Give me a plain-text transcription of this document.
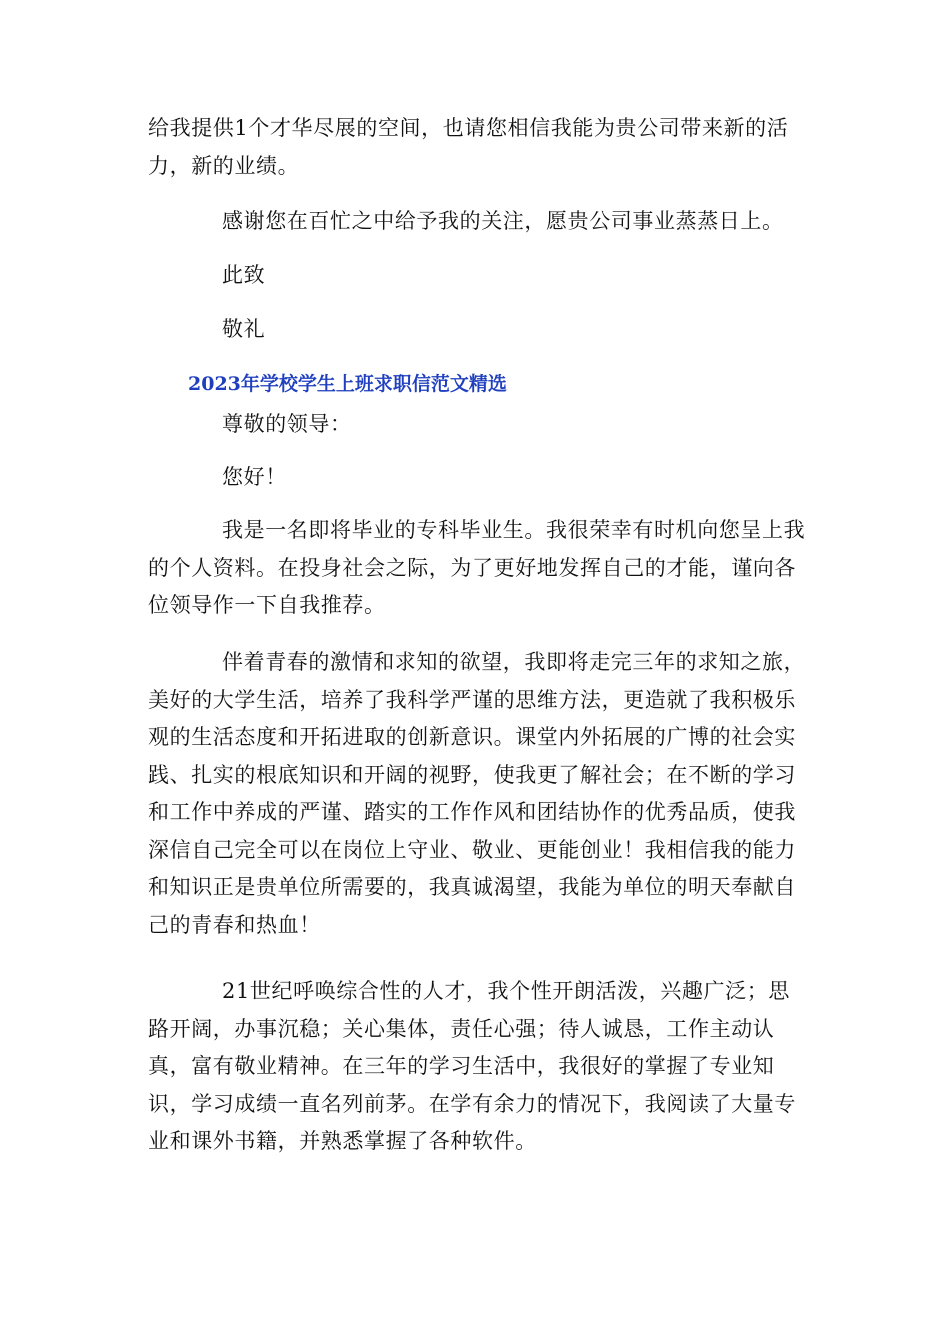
给我提供1个才华尽展的空间，也请您相信我能为贵公司带来新的活力，新的业绩。

感谢您在百忙之中给予我的关注，愿贵公司事业蒸蒸日上。

此致

敬礼

2023年学校学生上班求职信范文精选

尊敬的领导：

您好！

我是一名即将毕业的专科毕业生。我很荣幸有时机向您呈上我的个人资料。在投身社会之际，为了更好地发挥自己的才能，谨向各位领导作一下自我推荐。

伴着青春的激情和求知的欲望，我即将走完三年的求知之旅，美好的大学生活，培养了我科学严谨的思维方法，更造就了我积极乐观的生活态度和开拓进取的创新意识。课堂内外拓展的广博的社会实践、扎实的根底知识和开阔的视野，使我更了解社会；在不断的学习和工作中养成的严谨、踏实的工作作风和团结协作的优秀品质，使我深信自己完全可以在岗位上守业、敬业、更能创业！我相信我的能力和知识正是贵单位所需要的，我真诚渴望，我能为单位的明天奉献自己的青春和热血！

21世纪呼唤综合性的人才，我个性开朗活泼，兴趣广泛；思路开阔，办事沉稳；关心集体，责任心强；待人诚恳，工作主动认真，富有敬业精神。在三年的学习生活中，我很好的掌握了专业知识，学习成绩一直名列前茅。在学有余力的情况下，我阅读了大量专业和课外书籍，并熟悉掌握了各种软件。
